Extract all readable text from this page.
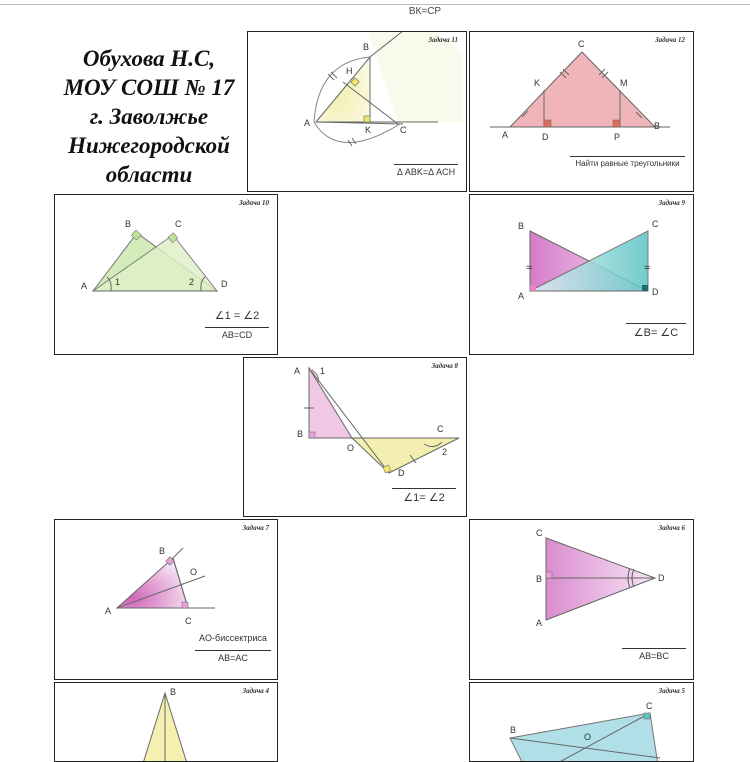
ВК=СР
Обухова Н.С,
МОУ СОШ № 17
г. Заволжье
Нижегородской
области
B
H
A
K	C
Задача 11
Δ ABK=Δ ACH
C
K	M
A	D	P
B
Задача 12
Найти равные треугольники
B	C
A	D
1	2
Задача 10
∠1 = ∠2
AB=CD
B	C
A	D
≈	≈
Задача 9
∠B= ∠C
A 1
B
O
C
2
D
Задача 8
∠1= ∠2
B
O
A
C
Задача 7
AO-биссектриса
AB=AC
C
B
A
D
Задача 6
AB=BC
B	Задача 4
B
O
C
Задача 5
